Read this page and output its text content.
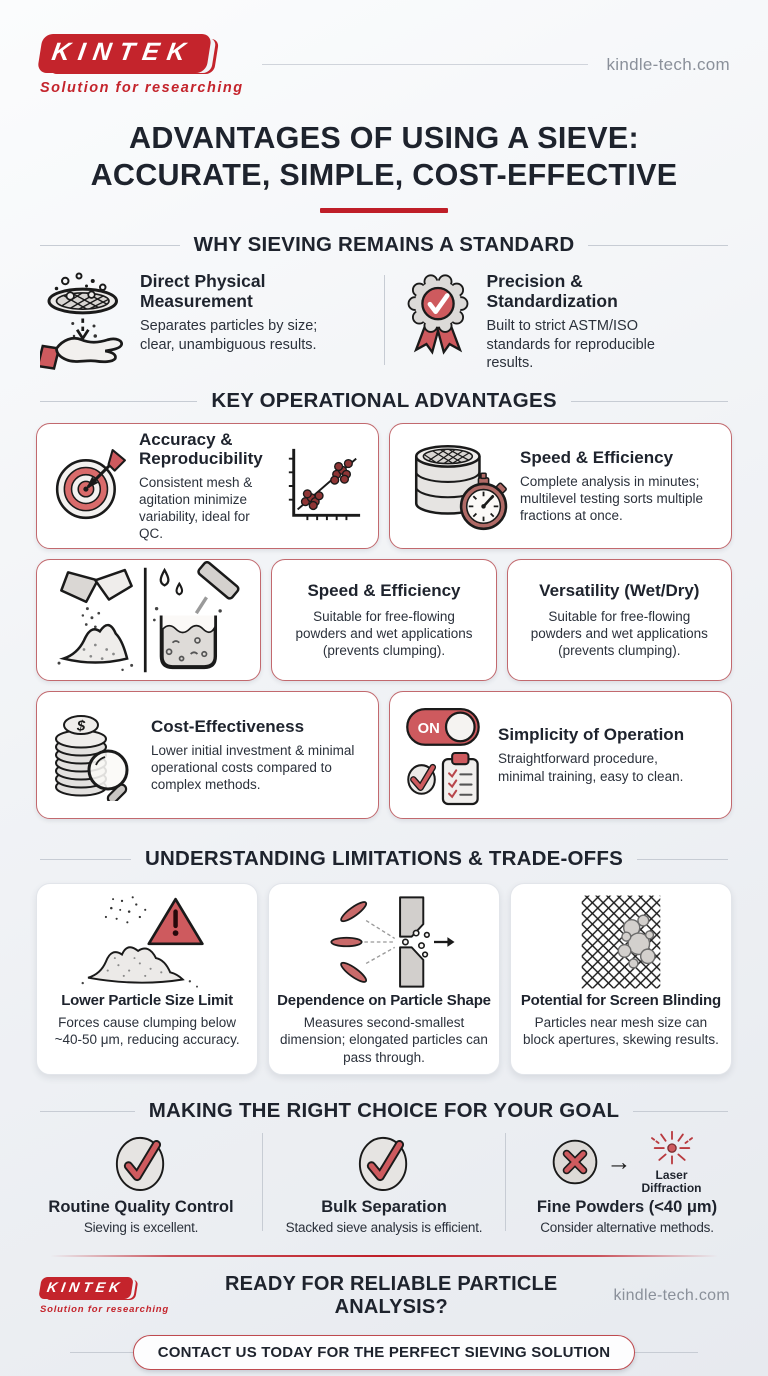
KINTEK
Solution for researching
kindle-tech.com
ADVANTAGES OF USING A SIEVE:
ACCURATE, SIMPLE, COST-EFFECTIVE
WHY SIEVING REMAINS A STANDARD
Direct Physical Measurement

Separates particles by size; clear, unambiguous results.

Precision & Standardization

Built to strict ASTM/ISO standards for reproducible results.

KEY OPERATIONAL ADVANTAGES
Accuracy & Reproducibility

Consistent mesh & agitation minimize variability, ideal for QC.

Speed & Efficiency

Complete analysis in minutes; multilevel testing sorts multiple fractions at once.

Speed & Efficiency

Suitable for free-flowing powders and wet applications (prevents clumping).

Versatility (Wet/Dry)

Suitable for free-flowing powders and wet applications (prevents clumping).

$	Cost-Effectiveness

Lower initial investment & minimal operational costs compared to complex methods.

ON	Simplicity of Operation

Straightforward procedure, minimal training, easy to clean.

UNDERSTANDING LIMITATIONS & TRADE-OFFS
Lower Particle Size Limit

Forces cause clumping below ~40-50 μm, reducing accuracy.

Dependence on Particle Shape

Measures second-smallest dimension; elongated particles can pass through.

Potential for Screen Blinding

Particles near mesh size can block apertures, skewing results.

MAKING THE RIGHT CHOICE FOR YOUR GOAL
Routine Quality Control

Sieving is excellent.

Bulk Separation

Stacked sieve analysis is efficient.

→	Laser Diffraction
Fine Powders (<40 μm)

Consider alternative methods.

KINTEK
Solution for researching
READY FOR RELIABLE PARTICLE ANALYSIS?
kindle-tech.com
CONTACT US TODAY FOR THE PERFECT SIEVING SOLUTION
